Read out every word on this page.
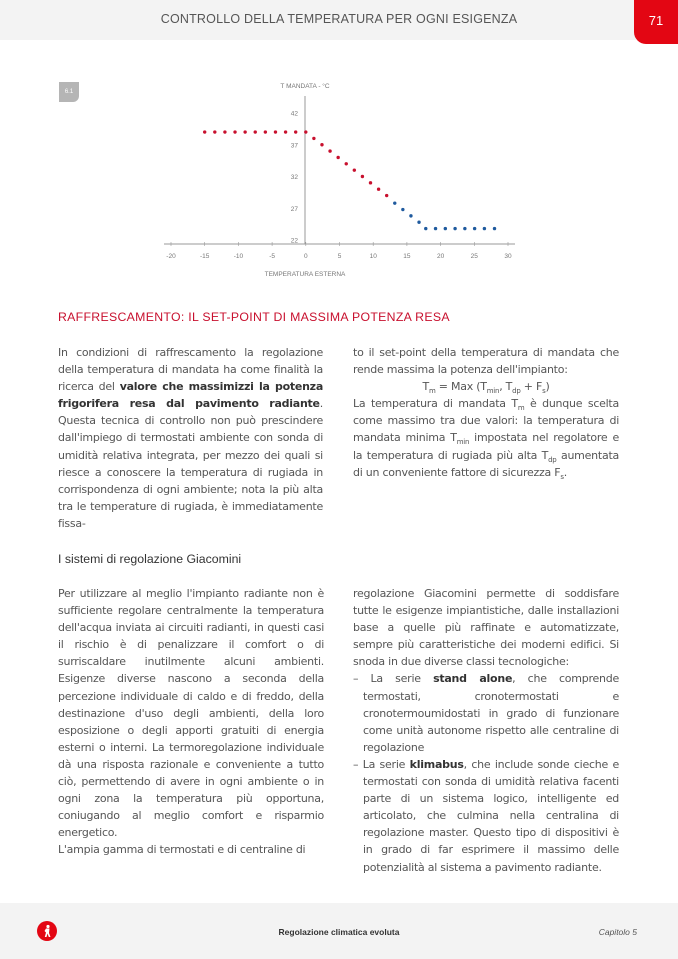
CONTROLLO DELLA TEMPERATURA PER OGNI ESIGENZA	71
6.1
T MANDATA - °C
22
27
32
37
42
-20	-15	-10	-5	0	5	10	15	20	25	30
TEMPERATURA ESTERNA
RAFFRESCAMENTO: IL SET-POINT DI MASSIMA POTENZA RESA

In condizioni di raffrescamento la regolazione della temperatura di mandata ha come finalità la ricerca del valore che massimizzi la potenza frigorifera resa dal pavimento radiante. Questa tecnica di controllo non può prescindere dall'impiego di termostati ambiente con sonda di umidità relativa integrata, per mezzo dei quali si riesce a conoscere la temperatura di rugiada in corrispondenza di ogni ambiente; nota la più alta tra le temperature di rugiada, è immediatamente fissa-

to il set-point della temperatura di mandata che rende massima la potenza dell'impianto:

$T_m$ = Max ($T_{min}$, $T_{dp} + F_s$)

La temperatura di mandata $T_m$ è dunque scelta come massimo tra due valori: la temperatura di mandata minima $T_{min}$ impostata nel regolatore e la temperatura di rugiada più alta $T_{dp}$ aumentata di un conveniente fattore di sicurezza $F_s$.

I sistemi di regolazione Giacomini

Per utilizzare al meglio l'impianto radiante non è sufficiente regolare centralmente la temperatura dell'acqua inviata ai circuiti radianti, in questi casi il rischio è di penalizzare il comfort o di surriscaldare inutilmente alcuni ambienti. Esigenze diverse nascono a seconda della percezione individuale di caldo e di freddo, della destinazione d'uso degli ambienti, della loro esposizione o degli apporti gratuiti di energia esterni o interni. La termoregolazione individuale dà una risposta razionale e conveniente a tutto ciò, permettendo di avere in ogni ambiente o in ogni zona la temperatura più opportuna, coniugando al meglio comfort e risparmio energetico.

L'ampia gamma di termostati e di centraline di

regolazione Giacomini permette di soddisfare tutte le esigenze impiantistiche, dalle installazioni base a quelle più raffinate e automatizzate, sempre più caratteristiche dei moderni edifici. Si snoda in due diverse classi tecnologiche:

– La serie stand alone, che comprende termostati, cronotermostati e cronotermoumidostati in grado di funzionare come unità autonome rispetto alle centraline di regolazione

– La serie klimabus, che include sonde cieche e termostati con sonda di umidità relativa facenti parte di un sistema logico, intelligente ed articolato, che culmina nella centralina di regolazione master. Questo tipo di dispositivi è in grado di far esprimere il massimo delle potenzialità al sistema a pavimento radiante.

Regolazione climatica evoluta	Capitolo 5
